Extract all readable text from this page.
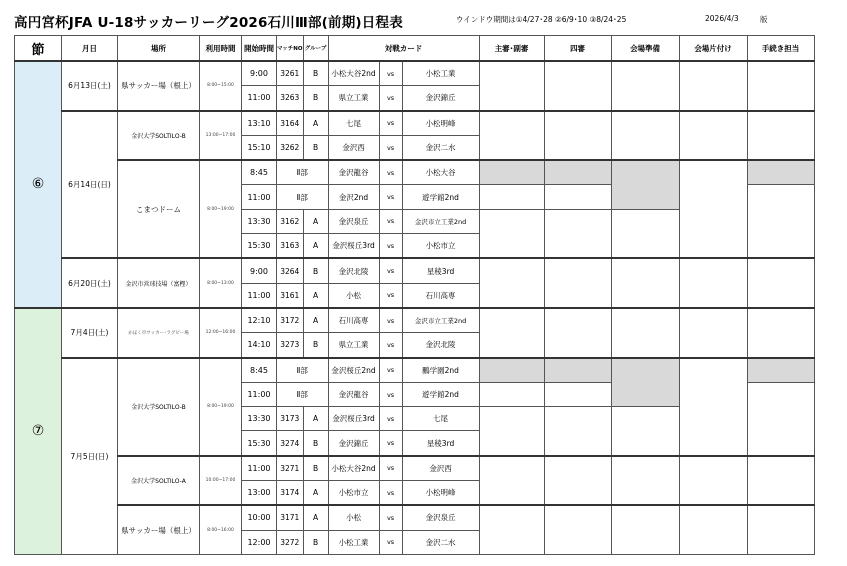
高円宮杯JFA U-18サッカーリーグ2026石川Ⅲ部(前期)日程表	ウインドウ期間は①4/27･28 ②6/9･10 ③8/24･25	2026/4/3	版
節	月日	場所	利用時間	開始時間	マッチNO	グループ	対戦カード			主審･副審	四審	会場準備	会場片付け	手続き担当
⑥	6月13日(土)	県サッカー場（根上）	8:00~15:00	9:00	3261	B	小松大谷2nd	vs	小松工業					
				11:00	3263	B	県立工業	vs	金沢錦丘					
	6月14日(日)	金沢大学SOLTILO-B	13:00~17:00	13:10	3164	A	七尾	vs	小松明峰					
				15:10	3262	B	金沢西	vs	金沢二水					
		こまつドーム	8:00~19:00	8:45	Ⅱ部		金沢龍谷	vs	小松大谷					
				11:00	Ⅱ部		金沢2nd	vs	遊学館2nd					
				13:30	3162	A	金沢泉丘	vs	金沢市立工業2nd					
				15:30	3163	A	金沢桜丘3rd	vs	小松市立					
	6月20日(土)	金沢市営球技場（富樫）	8:00~13:00	9:00	3264	B	金沢北陵	vs	星稜3rd					
				11:00	3161	A	小松	vs	石川高専					
⑦	7月4日(土)	かほく市サッカー･ラグビー場	12:00~16:00	12:10	3172	A	石川高専	vs	金沢市立工業2nd					
				14:10	3273	B	県立工業	vs	金沢北陵					
	7月5日(日)	金沢大学SOLTILO-B	8:00~19:00	8:45	Ⅱ部		金沢桜丘2nd	vs	鵬学園2nd					
				11:00	Ⅱ部		金沢龍谷	vs	遊学館2nd					
				13:30	3173	A	金沢桜丘3rd	vs	七尾					
				15:30	3274	B	金沢錦丘	vs	星稜3rd					
		金沢大学SOLTILO-A	10:00~17:00	11:00	3271	B	小松大谷2nd	vs	金沢西					
				13:00	3174	A	小松市立	vs	小松明峰					
		県サッカー場（根上）	8:00~16:00	10:00	3171	A	小松	vs	金沢泉丘					
				12:00	3272	B	小松工業	vs	金沢二水					
